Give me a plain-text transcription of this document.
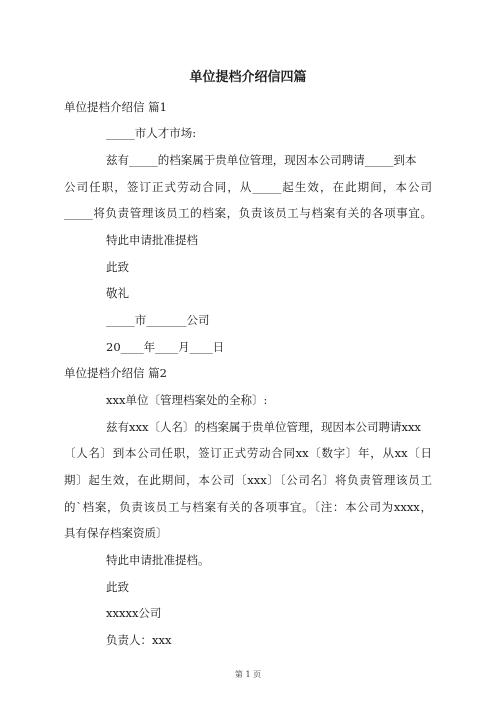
单位提档介绍信四篇
单位提档介绍信 篇1
_____市人才市场:
兹有_____的档案属于贵单位管理，现因本公司聘请_____到本
公司任职，签订正式劳动合同，从_____起生效，在此期间，本公司
_____将负责管理该员工的档案，负责该员工与档案有关的各项事宜。
特此申请批准提档
此致
敬礼
_____市_______公司
20____年____月____日
单位提档介绍信 篇2
xxx单位〔管理档案处的全称〕:
兹有xxx〔人名〕的档案属于贵单位管理，现因本公司聘请xxx
〔人名〕到本公司任职，签订正式劳动合同xx〔数字〕年，从xx〔日
期〕起生效，在此期间，本公司〔xxx〕〔公司名〕将负责管理该员工
的`档案，负责该员工与档案有关的各项事宜。〔注：本公司为xxxx，
具有保存档案资质〕
特此申请批准提档。
此致
xxxxx公司
负责人：xxx
第 1 页
